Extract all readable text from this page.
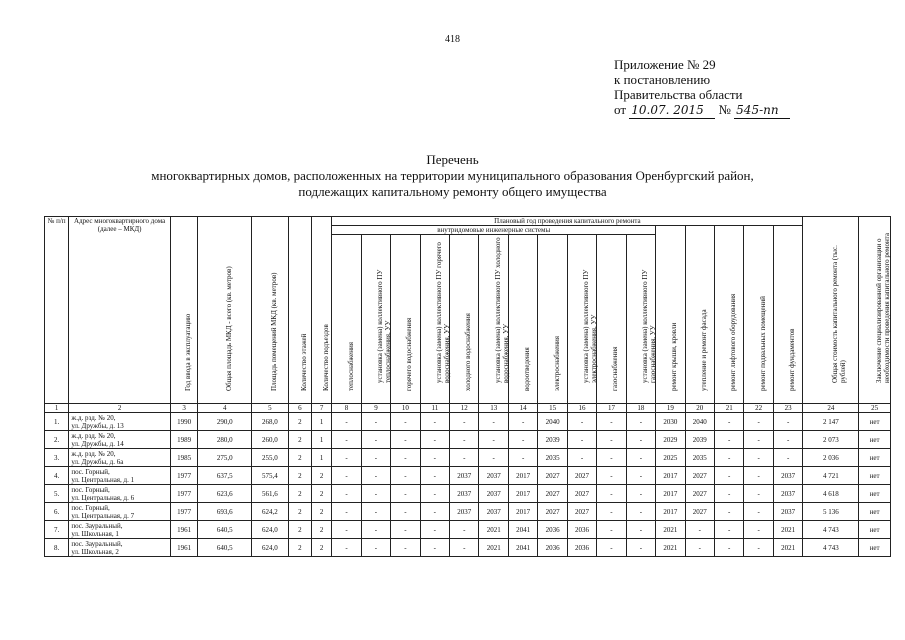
418
Приложение № 29
к постановлению
Правительства области
от 10.07. 2015 № 545-пп
Перечень
многоквартирных домов, расположенных на территории муниципального образования Оренбургский район,
подлежащих капитальному ремонту общего имущества
№ п/п	Адрес многоквартирного дома (далее – МКД)	Год ввода в эксплуатацию	Общая площадь МКД - всего (кв. метров)	Площадь помещений МКД (кв. метров)	Количество этажей	Количество подъездов	Плановый год проведения капитального ремонта																Общая стоимость капитального ремонта (тыс. рублей)	Заключение специализированной организации о необходимости проведения капитального ремонта

							внутридомовые инженерные системы											ремонт крыши, кровли	утепление и ремонт фасада	ремонт лифтового оборудования	ремонт подвальных помещений	ремонт фундаментов		

							теплоснабжения	установка (замена) коллективного ПУ теплоснабжения, УУ	горячего водоснабжения	установка (замена) коллективного ПУ горячего водоснабжения, УУ	холодного водоснабжения	установка (замена) коллективного ПУ холодного водоснабжения, УУ	водоотведения	электроснабжения	установка (замена) коллективного ПУ электроснабжения, УУ	газоснабжения	установка (замена) коллективного ПУ газоснабжения, УУ							

1	2	3	4	5	6	7	8	9	10	11	12	13	14	15	16	17	18	19	20	21	22	23	24	25
1.	ж.д. рзд. № 20,
ул. Дружбы, д. 13	1990	290,0	268,0	2	1	-	-	-	-	-	-	-	2040	-	-	-	2030	2040	-	-	-	2 147	нет
2.	ж.д. рзд. № 20,
ул. Дружбы, д. 14	1989	280,0	260,0	2	1	-	-	-	-	-	-	-	2039	-	-	-	2029	2039	-	-	-	2 073	нет
3.	ж.д. рзд. № 20,
ул. Дружбы, д. 6а	1985	275,0	255,0	2	1	-	-	-	-	-	-	-	2035	-	-	-	2025	2035	-	-	-	2 036	нет
4.	пос. Горный,
ул. Центральная, д. 1	1977	637,5	575,4	2	2	-	-	-	-	2037	2037	2017	2027	2027	-	-	2017	2027	-	-	2037	4 721	нет
5.	пос. Горный,
ул. Центральная, д. 6	1977	623,6	561,6	2	2	-	-	-	-	2037	2037	2017	2027	2027	-	-	2017	2027	-	-	2037	4 618	нет
6.	пос. Горный,
ул. Центральная, д. 7	1977	693,6	624,2	2	2	-	-	-	-	2037	2037	2017	2027	2027	-	-	2017	2027	-	-	2037	5 136	нет
7.	пос. Зауральный,
ул. Школьная, 1	1961	640,5	624,0	2	2	-	-	-	-	-	2021	2041	2036	2036	-	-	2021	-	-	-	2021	4 743	нет
8.	пос. Зауральный,
ул. Школьная, 2	1961	640,5	624,0	2	2	-	-	-	-	-	2021	2041	2036	2036	-	-	2021	-	-	-	2021	4 743	нет
